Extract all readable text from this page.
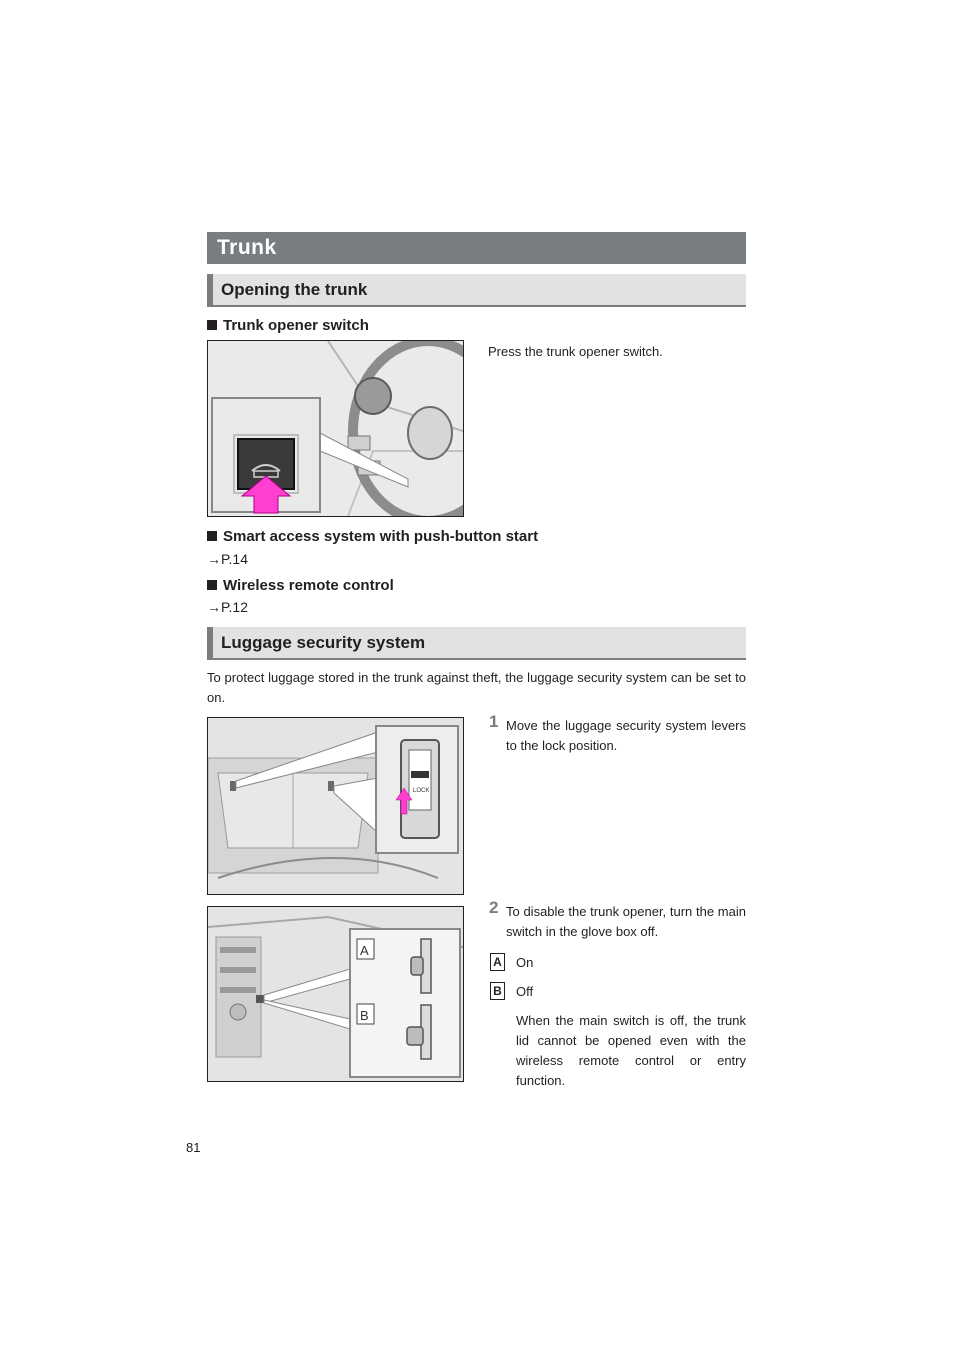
Trunk
Opening the trunk
Trunk opener switch
Press the trunk opener switch.
Smart access system with push-button start
→P.14
Wireless remote control
→P.12
Luggage security system
To protect luggage stored in the trunk against theft, the luggage security system can be set to on.
LOCK
1 Move the luggage security system levers to the lock position.
A
B
2 To disable the trunk opener, turn the main switch in the glove box off.
A On
B Off
When the main switch is off, the trunk lid cannot be opened even with the wireless remote control or entry function.
81
